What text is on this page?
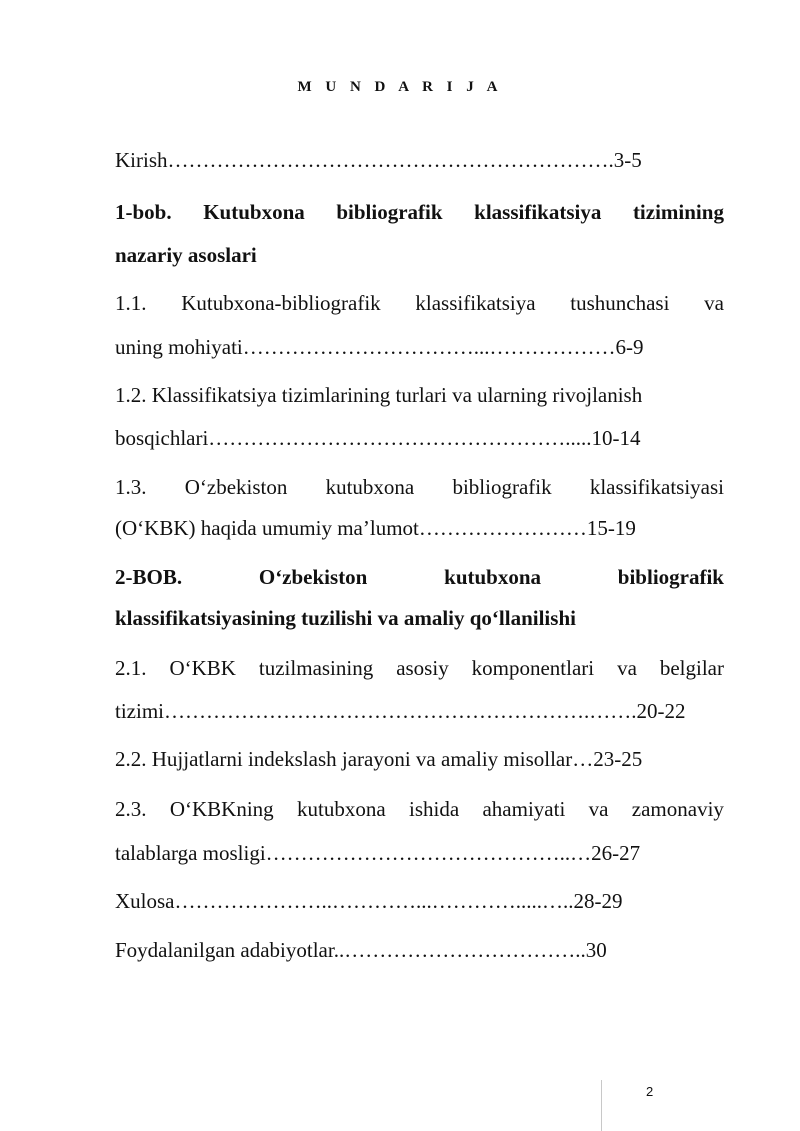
M U N D A R I J A
Kirish……………………………………………………….3-5
1-bob. Kutubxona bibliografik klassifikatsiya tizimining
nazariy asoslari
1.1. Kutubxona-bibliografik klassifikatsiya tushunchasi va
uning mohiyati……………………………...………………6-9
1.2. Klassifikatsiya tizimlarining turlari va ularning rivojlanish
bosqichlari…………………………………………….....10-14
1.3. O‘zbekiston kutubxona bibliografik klassifikatsiyasi
(O‘KBK) haqida umumiy ma’lumot……………………15-19
2-BOB.	O‘zbekiston	kutubxona	bibliografik
klassifikatsiyasining tuzilishi va amaliy qo‘llanilishi
2.1. O‘KBK tuzilmasining asosiy komponentlari va belgilar
tizimi…………………………………………………….…….20-22
2.2. Hujjatlarni indekslash jarayoni va amaliy misollar…23-25
2.3. O‘KBKning kutubxona ishida ahamiyati va zamonaviy
talablarga mosligi……………………………………..…26-27
Xulosa…………………..…………...………….....…..28-29
Foydalanilgan adabiyotlar..……………………………..30
2
